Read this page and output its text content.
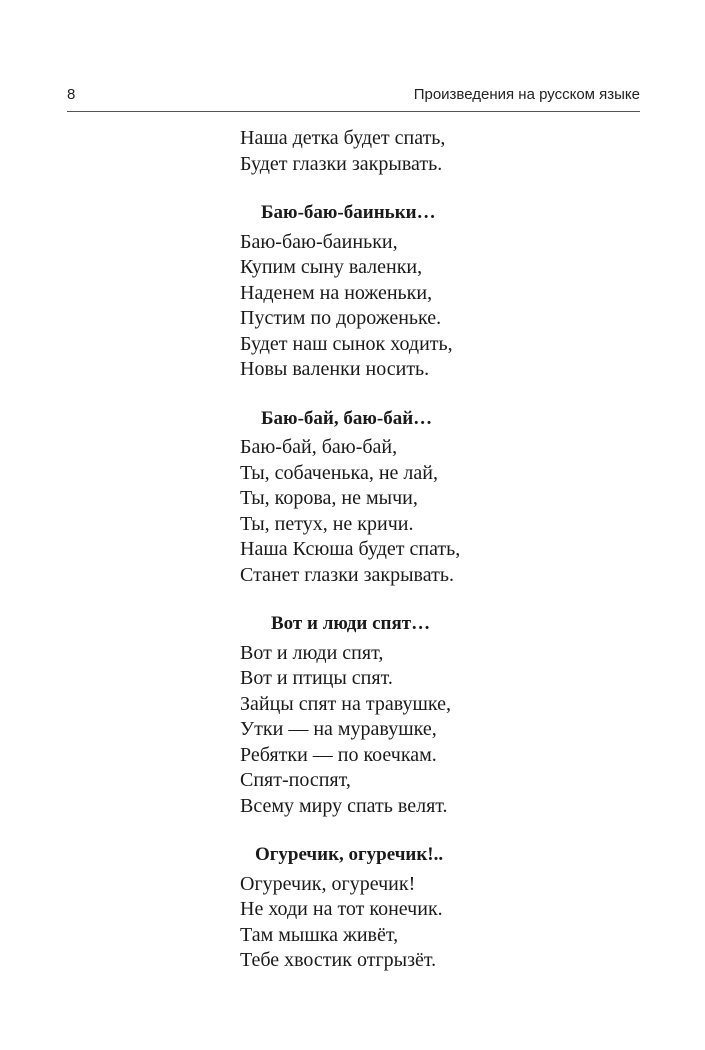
8	Произведения на русском языке
Наша детка будет спать,
Будет глазки закрывать.
Баю-баю-баиньки…
Баю-баю-баиньки,
Купим сыну валенки,
Наденем на ноженьки,
Пустим по дороженьке.
Будет наш сынок ходить,
Новы валенки носить.
Баю-бай, баю-бай…
Баю-бай, баю-бай,
Ты, собаченька, не лай,
Ты, корова, не мычи,
Ты, петух, не кричи.
Наша Ксюша будет спать,
Станет глазки закрывать.
Вот и люди спят…
Вот и люди спят,
Вот и птицы спят.
Зайцы спят на травушке,
Утки — на муравушке,
Ребятки — по коечкам.
Спят-поспят,
Всему миру спать велят.
Огуречик, огуречик!..
Огуречик, огуречик!
Не ходи на тот конечик.
Там мышка живёт,
Тебе хвостик отгрызёт.
